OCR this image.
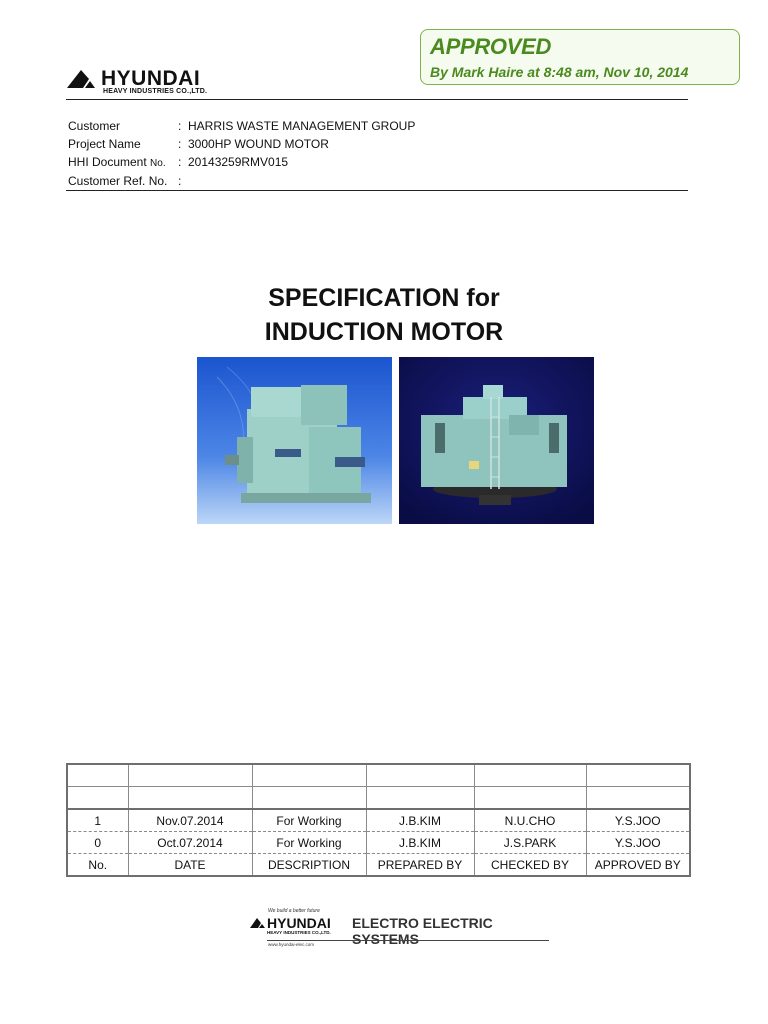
APPROVED
By Mark Haire at 8:48 am, Nov 10, 2014
HYUNDAI
HEAVY INDUSTRIES CO.,LTD.
Customer	: HARRIS WASTE MANAGEMENT GROUP
Project Name	: 3000HP WOUND MOTOR
HHI Document No. : 20143259RMV015
Customer Ref. No. :
SPECIFICATION for
INDUCTION MOTOR

1	Nov.07.2014	For Working	J.B.KIM	N.U.CHO	Y.S.JOO
0	Oct.07.2014	For Working	J.B.KIM	J.S.PARK	Y.S.JOO
No.	DATE	DESCRIPTION	PREPARED BY	CHECKED BY	APPROVED BY
We build a better future
HYUNDAI
HEAVY INDUSTRIES CO.,LTD.
ELECTRO ELECTRIC SYSTEMS
www.hyundai-elec.com
